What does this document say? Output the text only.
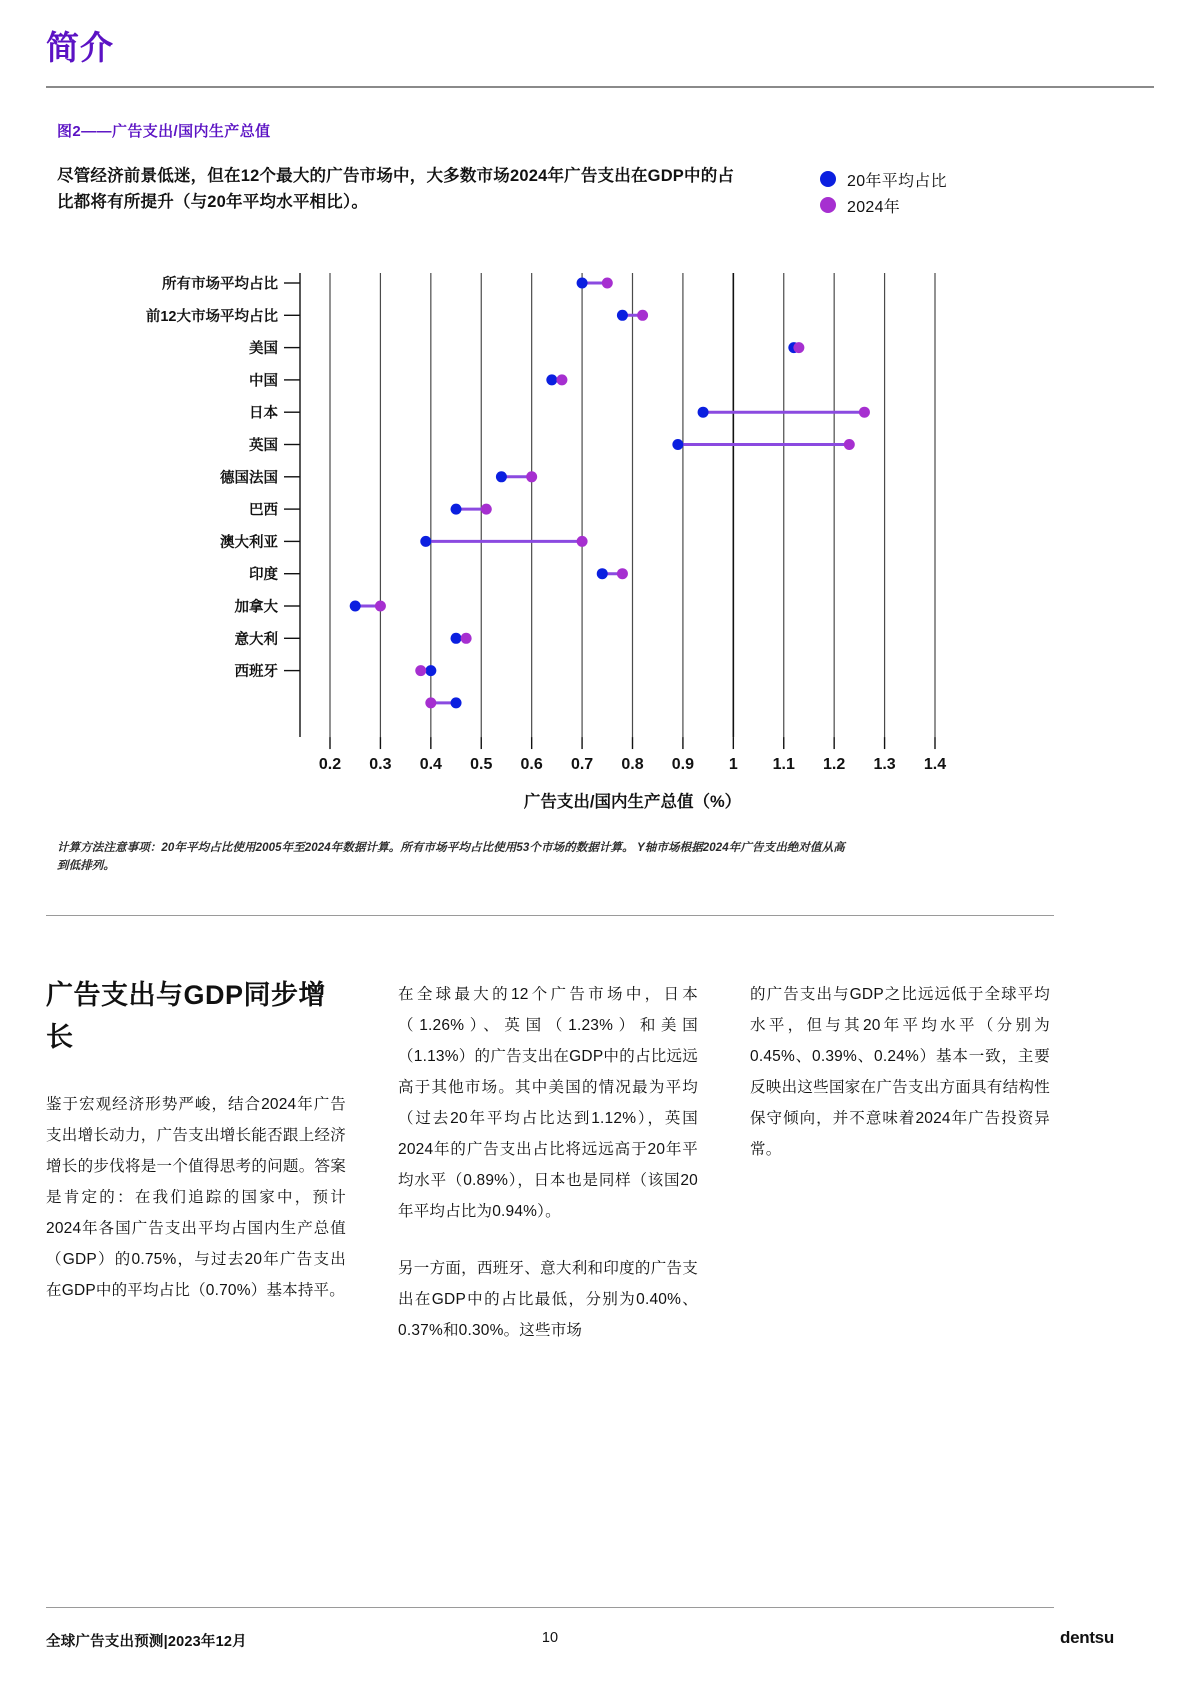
简介
图2——广告支出/国内生产总值
尽管经济前景低迷，但在12个最大的广告市场中，大多数市场2024年广告支出在GDP中的占比都将有所提升（与20年平均水平相比）。
20年平均占比
2024年
所有市场平均占比
前12大市场平均占比
美国
中国
日本
英国
德国法国
巴西
澳大利亚
印度
加拿大
意大利
西班牙
0.2 0.3 0.4 0.5 0.6 0.7 0.8 0.9 1 1.1 1.2 1.3 1.4
广告支出/国内生产总值（%）
计算方法注意事项：20年平均占比使用2005年至2024年数据计算。所有市场平均占比使用53个市场的数据计算。 Y轴市场根据2024年广告支出绝对值从高到低排列。
广告支出与GDP同步增长

鉴于宏观经济形势严峻，结合2024年广告支出增长动力，广告支出增长能否跟上经济增长的步伐将是一个值得思考的问题。答案是肯定的：在我们追踪的国家中，预计2024年各国广告支出平均占国内生产总值（GDP）的0.75%，与过去20年广告支出在GDP中的平均占比（0.70%）基本持平。

在全球最大的12个广告市场中，日本（1.26%）、英国（1.23%）和美国（1.13%）的广告支出在GDP中的占比远远高于其他市场。其中美国的情况最为平均（过去20年平均占比达到1.12%），英国2024年的广告支出占比将远远高于20年平均水平（0.89%），日本也是同样（该国20年平均占比为0.94%）。

另一方面，西班牙、意大利和印度的广告支出在GDP中的占比最低，分别为0.40%、0.37%和0.30%。这些市场

的广告支出与GDP之比远远低于全球平均水平，但与其20年平均水平（分别为0.45%、0.39%、0.24%）基本一致，主要反映出这些国家在广告支出方面具有结构性保守倾向，并不意味着2024年广告投资异常。

全球广告支出预测|2023年12月	10	dentsu
